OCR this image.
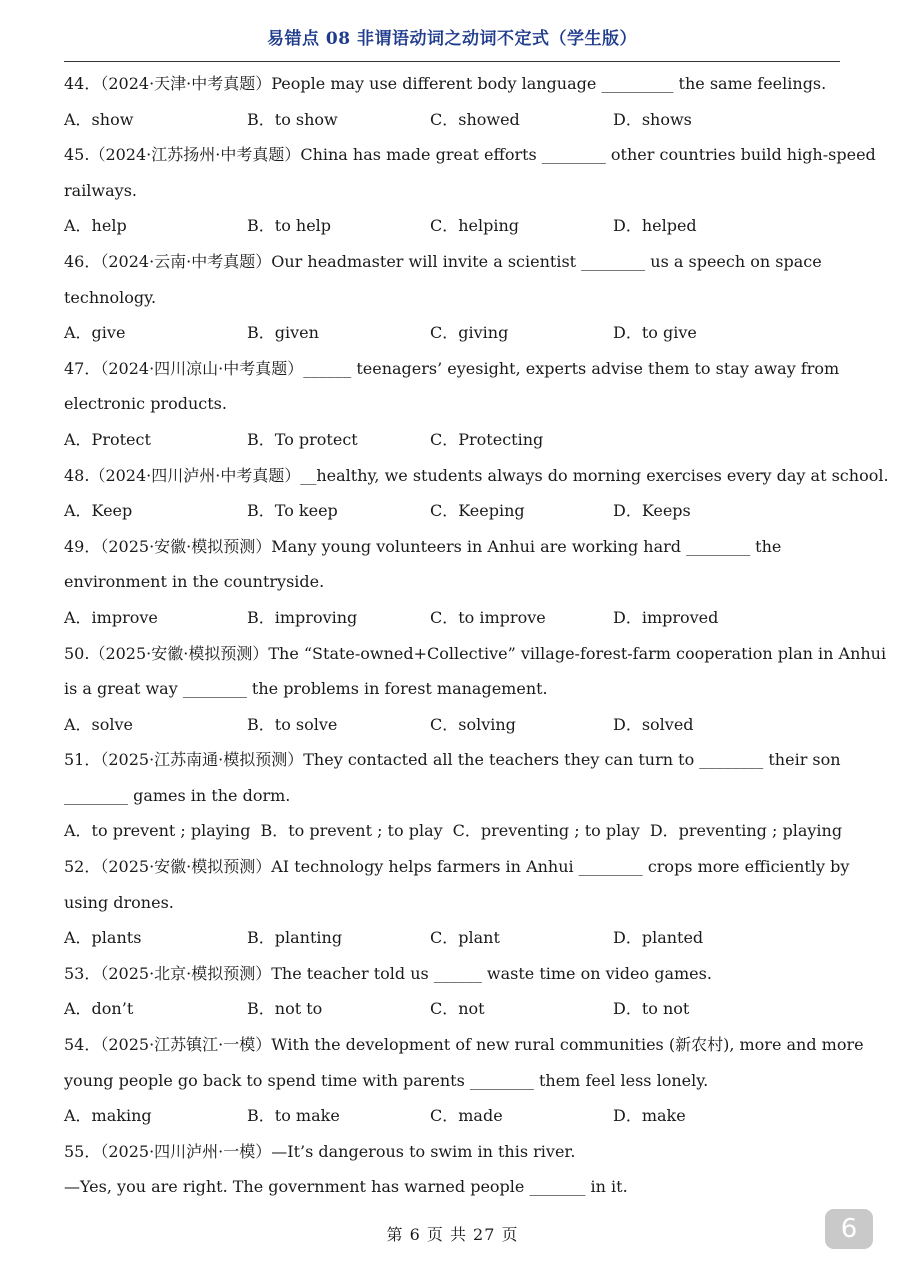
易错点 08 非谓语动词之动词不定式（学生版）
44．（2024·天津·中考真题）People may use different body language _________ the same feelings.
A．show	B．to show	C．showed	D．shows
45.（2024·江苏扬州·中考真题）China has made great efforts ________ other countries build high-speed
railways.
A．help	B．to help	C．helping	D．helped
46．（2024·云南·中考真题）Our headmaster will invite a scientist ________ us a speech on space
technology.
A．give	B．given	C．giving	D．to give
47．（2024·四川凉山·中考真题）______ teenagers’ eyesight, experts advise them to stay away from
electronic products.
A．Protect	B．To protect	C．Protecting
48.（2024·四川泸州·中考真题）__healthy, we students always do morning exercises every day at school.
A．Keep	B．To keep	C．Keeping	D．Keeps
49．（2025·安徽·模拟预测）Many young volunteers in Anhui are working hard ________ the
environment in the countryside.
A．improve	B．improving	C．to improve	D．improved
50.（2025·安徽·模拟预测）The “State-owned+Collective” village-forest-farm cooperation plan in Anhui
is a great way ________ the problems in forest management.
A．solve	B．to solve	C．solving	D．solved
51．（2025·江苏南通·模拟预测）They contacted all the teachers they can turn to ________ their son
________ games in the dorm.
A．to prevent ; playing B．to prevent ; to play C．preventing ; to play D．preventing ; playing
52．（2025·安徽·模拟预测）AI technology helps farmers in Anhui ________ crops more efficiently by
using drones.
A．plants	B．planting	C．plant	D．planted
53．（2025·北京·模拟预测）The teacher told us ______ waste time on video games.
A．don’t	B．not to	C．not	D．to not
54．（2025·江苏镇江·一模）With the development of new rural communities (新农村), more and more
young people go back to spend time with parents ________ them feel less lonely.
A．making	B．to make	C．made	D．make
55．（2025·四川泸州·一模）—It’s dangerous to swim in this river.
—Yes, you are right. The government has warned people _______ in it.
第 6 页 共 27 页	6
